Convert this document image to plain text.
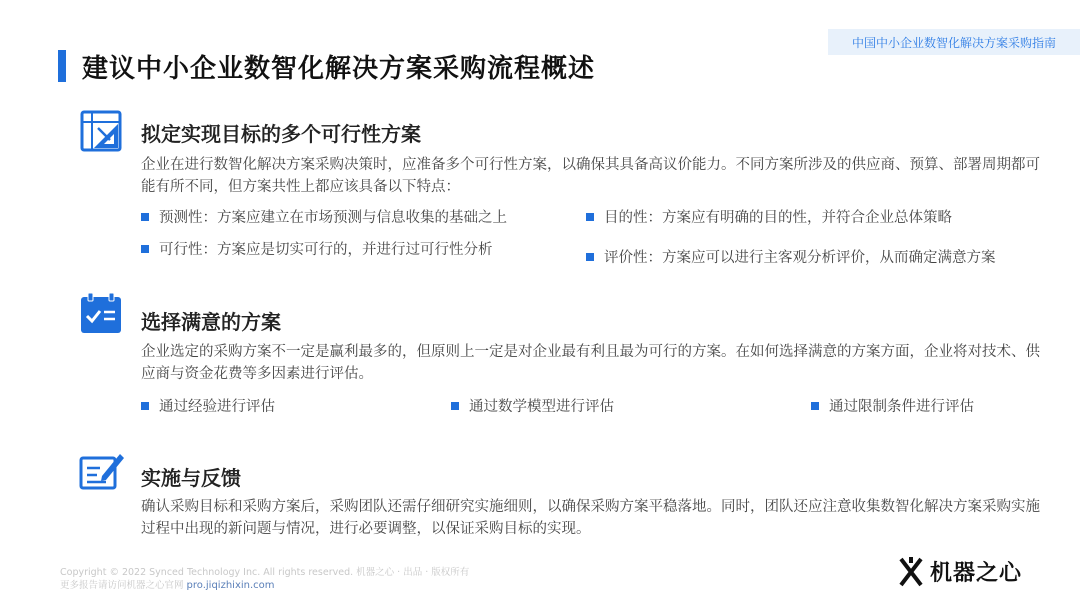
中国中小企业数智化解决方案采购指南
建议中小企业数智化解决方案采购流程概述
拟定实现目标的多个可行性方案
企业在进行数智化解决方案采购决策时，应准备多个可行性方案，以确保其具备高议价能力。不同方案所涉及的供应商、预算、部署周期都可能有所不同，但方案共性上都应该具备以下特点：
预测性：方案应建立在市场预测与信息收集的基础之上	目的性：方案应有明确的目的性，并符合企业总体策略
可行性：方案应是切实可行的，并进行过可行性分析	评价性：方案应可以进行主客观分析评价，从而确定满意方案
选择满意的方案
企业选定的采购方案不一定是赢利最多的，但原则上一定是对企业最有利且最为可行的方案。在如何选择满意的方案方面，企业将对技术、供应商与资金花费等多因素进行评估。
通过经验进行评估	通过数学模型进行评估	通过限制条件进行评估
实施与反馈
确认采购目标和采购方案后，采购团队还需仔细研究实施细则，以确保采购方案平稳落地。同时，团队还应注意收集数智化解决方案采购实施过程中出现的新问题与情况，进行必要调整，以保证采购目标的实现。
Copyright © 2022 Synced Technology Inc. All rights reserved. 机器之心 · 出品 · 版权所有
更多报告请访问机器之心官网 pro.jiqizhixin.com	机器之心
